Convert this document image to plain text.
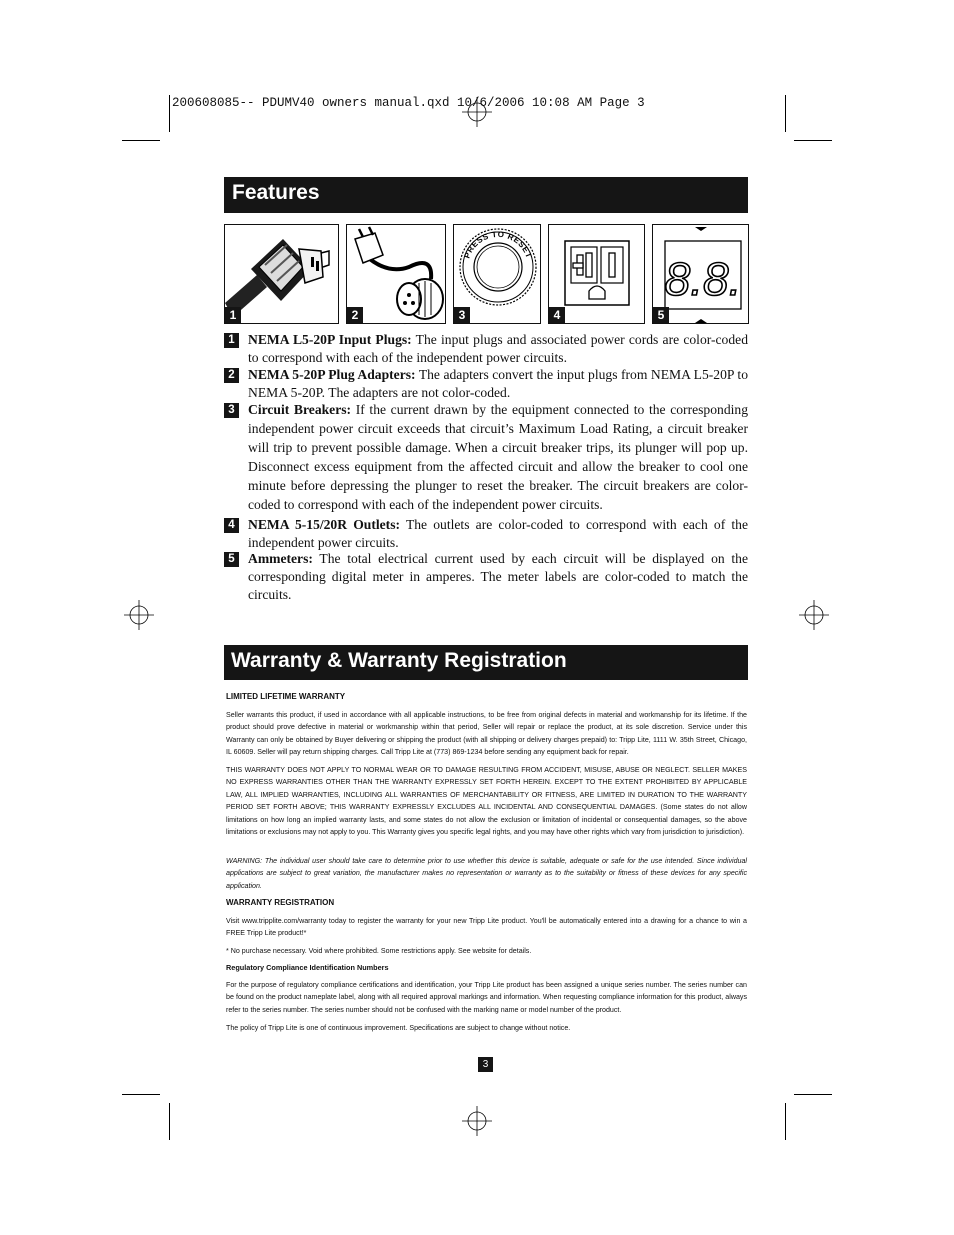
200608085-- PDUMV40 owners manual.qxd 10/6/2006 10:08 AM Page 3
Features
1	2
PRESS TO RESET
3	4
8.8.
5
1 NEMA L5-20P Input Plugs: The input plugs and associated power cords are color-coded to correspond with each of the independent power circuits.
2 NEMA 5-20P Plug Adapters: The adapters convert the input plugs from NEMA L5-20P to NEMA 5-20P. The adapters are not color-coded.
3 Circuit Breakers: If the current drawn by the equipment connected to the corresponding independent power circuit exceeds that circuit’s Maximum Load Rating, a circuit breaker will trip to prevent possible damage. When a circuit breaker trips, its plunger will pop up. Disconnect excess equipment from the affected circuit and allow the breaker to cool one minute before depressing the plunger to reset the breaker. The circuit breakers are color-coded to correspond with each of the independent power circuits.
4 NEMA 5-15/20R Outlets: The outlets are color-coded to correspond with each of the independent power circuits.
5 Ammeters: The total electrical current used by each circuit will be displayed on the corresponding digital meter in amperes. The meter labels are color-coded to match the circuits.
Warranty & Warranty Registration
LIMITED LIFETIME WARRANTY
Seller warrants this product, if used in accordance with all applicable instructions, to be free from original defects in material and workmanship for its lifetime. If the product should prove defective in material or workmanship within that period, Seller will repair or replace the product, at its sole discretion. Service under this Warranty can only be obtained by Buyer delivering or shipping the product (with all shipping or delivery charges prepaid) to: Tripp Lite, 1111 W. 35th Street, Chicago, IL 60609. Seller will pay return shipping charges. Call Tripp Lite at (773) 869-1234 before sending any equipment back for repair.
THIS WARRANTY DOES NOT APPLY TO NORMAL WEAR OR TO DAMAGE RESULTING FROM ACCIDENT, MISUSE, ABUSE OR NEGLECT. SELLER MAKES NO EXPRESS WARRANTIES OTHER THAN THE WARRANTY EXPRESSLY SET FORTH HEREIN. EXCEPT TO THE EXTENT PROHIBITED BY APPLICABLE LAW, ALL IMPLIED WARRANTIES, INCLUDING ALL WARRANTIES OF MERCHANTABILITY OR FITNESS, ARE LIMITED IN DURATION TO THE WARRANTY PERIOD SET FORTH ABOVE; THIS WARRANTY EXPRESSLY EXCLUDES ALL INCIDENTAL AND CONSEQUENTIAL DAMAGES. (Some states do not allow limitations on how long an implied warranty lasts, and some states do not allow the exclusion or limitation of incidental or consequential damages, so the above limitations or exclusions may not apply to you. This Warranty gives you specific legal rights, and you may have other rights which vary from jurisdiction to jurisdiction).
WARNING: The individual user should take care to determine prior to use whether this device is suitable, adequate or safe for the use intended. Since individual applications are subject to great variation, the manufacturer makes no representation or warranty as to the suitability or fitness of these devices for any specific application.
WARRANTY REGISTRATION
Visit www.tripplite.com/warranty today to register the warranty for your new Tripp Lite product. You'll be automatically entered into a drawing for a chance to win a FREE Tripp Lite product!*
* No purchase necessary. Void where prohibited. Some restrictions apply. See website for details.
Regulatory Compliance Identification Numbers
For the purpose of regulatory compliance certifications and identification, your Tripp Lite product has been assigned a unique series number. The series number can be found on the product nameplate label, along with all required approval markings and information. When requesting compliance information for this product, always refer to the series number. The series number should not be confused with the marking name or model number of the product.
The policy of Tripp Lite is one of continuous improvement. Specifications are subject to change without notice.
3
